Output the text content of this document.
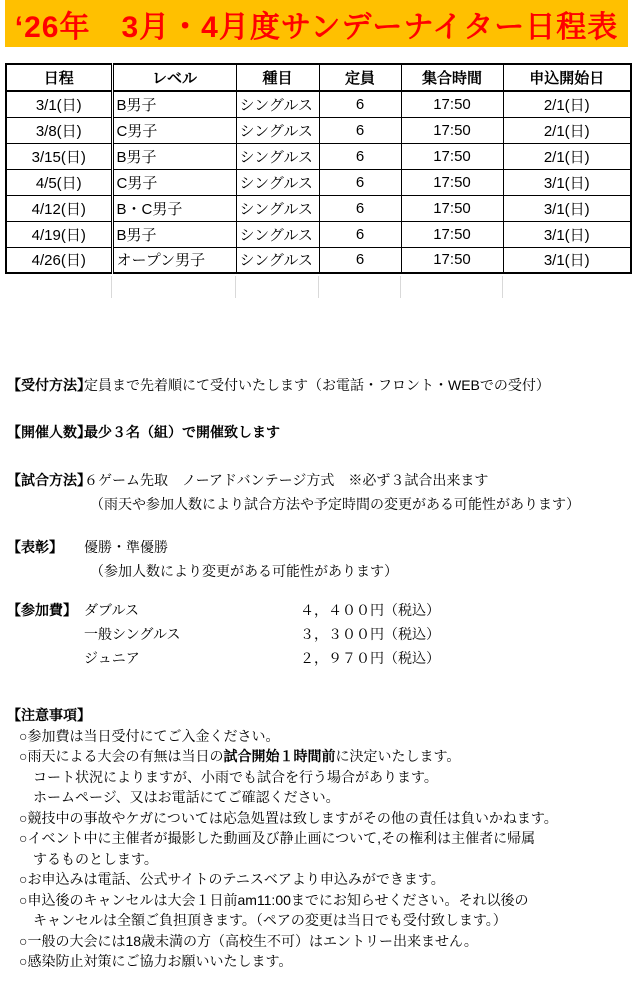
‘26年　3月・4月度サンデーナイター日程表
日程	レベル	種目	定員	集合時間	申込開始日
3/1(日)	B男子	シングルス	6	17:50	2/1(日)
3/8(日)	C男子	シングルス	6	17:50	2/1(日)
3/15(日)	B男子	シングルス	6	17:50	2/1(日)
4/5(日)	C男子	シングルス	6	17:50	3/1(日)
4/12(日)	B・C男子	シングルス	6	17:50	3/1(日)
4/19(日)	B男子	シングルス	6	17:50	3/1(日)
4/26(日)	オープン男子	シングルス	6	17:50	3/1(日)
【受付方法】
定員まで先着順にて受付いたします（お電話・フロント・WEBでの受付）
【開催人数】
最少３名（組）で開催致します
【試合方法】
６ゲーム先取　ノーアドバンテージ方式　※必ず３試合出来ます
（雨天や参加人数により試合方法や予定時間の変更がある可能性があります）
【表彰】 優勝・準優勝
（参加人数により変更がある可能性があります）
【参加費】 ダブルス	４，４００円（税込）
一般シングルス	３，３００円（税込）
ジュニア	２，９７０円（税込）
【注意事項】
○参加費は当日受付にてご入金ください。
○雨天による大会の有無は当日の試合開始１時間前に決定いたします。
コート状況によりますが、小雨でも試合を行う場合があります。
ホームページ、又はお電話にてご確認ください。
○競技中の事故やケガについては応急処置は致しますがその他の責任は負いかねます。
○イベント中に主催者が撮影した動画及び静止画について,その権利は主催者に帰属
するものとします。
○お申込みは電話、公式サイトのテニスベアより申込みができます。
○申込後のキャンセルは大会１日前am11:00までにお知らせください。それ以後の
キャンセルは全額ご負担頂きます。（ペアの変更は当日でも受付致します。）
○一般の大会には18歳未満の方（高校生不可）はエントリー出来ません。
○感染防止対策にご協力お願いいたします。
